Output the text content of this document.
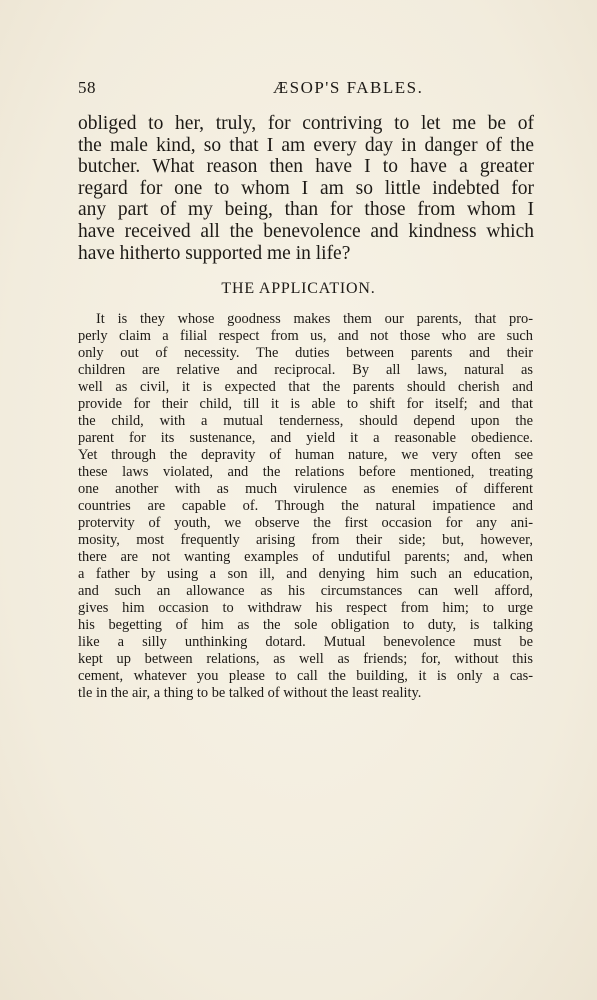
58	ÆSOP'S FABLES.
obliged to her, truly, for contriving to let me be of
the male kind, so that I am every day in danger of the
butcher. What reason then have I to have a greater
regard for one to whom I am so little indebted for
any part of my being, than for those from whom I
have received all the benevolence and kindness which
have hitherto supported me in life?
THE APPLICATION.
It is they whose goodness makes them our parents, that pro-
perly claim a filial respect from us, and not those who are such
only out of necessity. The duties between parents and their
children are relative and reciprocal. By all laws, natural as
well as civil, it is expected that the parents should cherish and
provide for their child, till it is able to shift for itself; and that
the child, with a mutual tenderness, should depend upon the
parent for its sustenance, and yield it a reasonable obedience.
Yet through the depravity of human nature, we very often see
these laws violated, and the relations before mentioned, treating
one another with as much virulence as enemies of different
countries are capable of. Through the natural impatience and
protervity of youth, we observe the first occasion for any ani-
mosity, most frequently arising from their side; but, however,
there are not wanting examples of undutiful parents; and, when
a father by using a son ill, and denying him such an education,
and such an allowance as his circumstances can well afford,
gives him occasion to withdraw his respect from him; to urge
his begetting of him as the sole obligation to duty, is talking
like a silly unthinking dotard. Mutual benevolence must be
kept up between relations, as well as friends; for, without this
cement, whatever you please to call the building, it is only a cas-
tle in the air, a thing to be talked of without the least reality.
